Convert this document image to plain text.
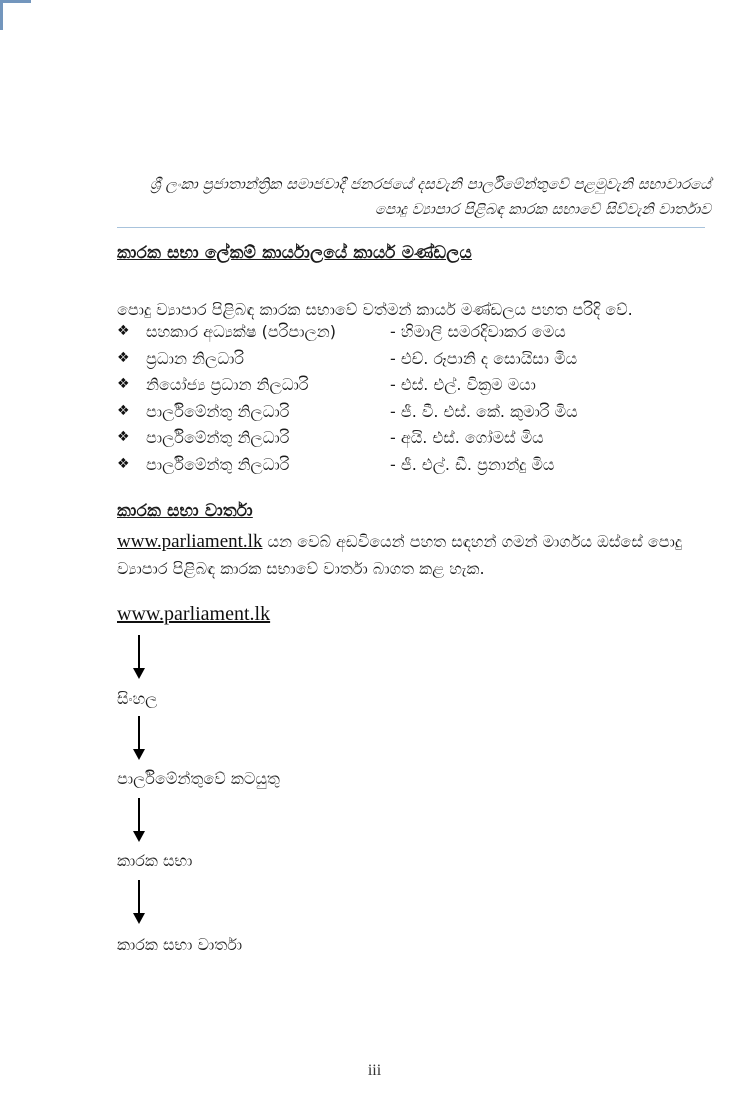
ශ්‍රී ලංකා ප්‍රජාතාන්ත්‍රික සමාජවාදී ජනරජයේ දසවැනි පාර්ලිමේන්තුවේ පළමුවැනි සභාවාරයේ
පොදු ව්‍යාපාර පිළිබඳ කාරක සභාවේ සිව්වැනි වාර්තාව
කාරක සභා ලේකම් කාර්යාලයේ කාර්ය මණ්ඩලය
පොදු ව්‍යාපාර පිළිබඳ කාරක සභාවේ වත්මන් කාර්ය මණ්ඩලය පහත පරිදි වේ.
❖	සහකාර අධ්‍යක්ෂ (පරිපාලන)	- හිමාලි සමරදිවාකර මෙය
❖	ප්‍රධාන නිලධාරි	- එච්. රූපානි ද සොයිසා මිය
❖	නියෝජ්‍ය ප්‍රධාන නිලධාරි	- එස්. එල්. වික්‍රම මයා
❖	පාර්ලිමේන්තු නිලධාරි	- ජී. වී. එස්. කේ. කුමාරි මිය
❖	පාර්ලිමේන්තු නිලධාරි	- අයි. එස්. ගෝමස් මිය
❖	පාර්ලිමේන්තු නිලධාරි	- ජී. එල්. ඩී. ප්‍රනාන්දු මිය
කාරක සභා වාර්තා
www.parliament.lk යන වෙබ් අඩවියෙන් පහත සඳහන් ගමන් මාර්ගය ඔස්සේ පොදු ව්‍යාපාර පිළිබඳ කාරක සභාවේ වාර්තා බාගත කළ හැක.
www.parliament.lk
සිංහල
පාර්ලිමේන්තුවේ කටයුතු
කාරක සභා
කාරක සභා වාර්තා
iii
